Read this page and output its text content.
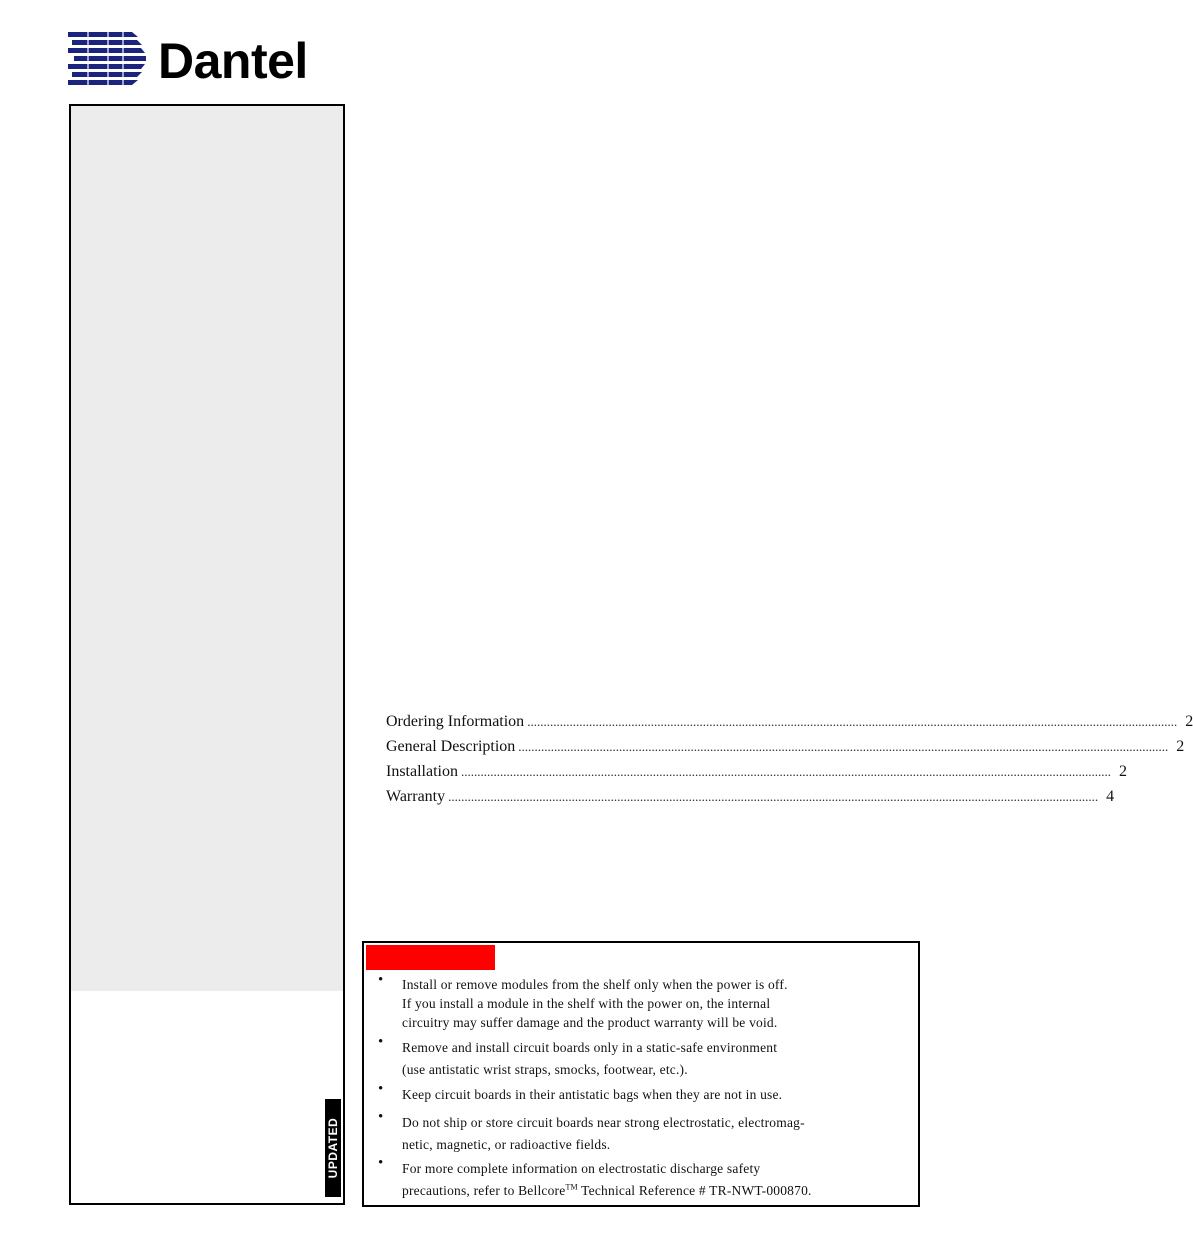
Dantel
UPDATED
Ordering Information ........................................................................................................................................................................................................ 2
General Description ........................................................................................................................................................................................................ 2
Installation ........................................................................................................................................................................................................ 2
Warranty ........................................................................................................................................................................................................ 4
• Install or remove modules from the shelf only when the power is off.
If you install a module in the shelf with the power on, the internal
circuitry may suffer damage and the product warranty will be void.
• Remove and install circuit boards only in a static-safe environment
(use antistatic wrist straps, smocks, footwear, etc.).
• Keep circuit boards in their antistatic bags when they are not in use.
• Do not ship or store circuit boards near strong electrostatic, electromag-
netic, magnetic, or radioactive fields.
• For more complete information on electrostatic discharge safety
precautions, refer to Bellcore™ Technical Reference # TR-NWT-000870.
